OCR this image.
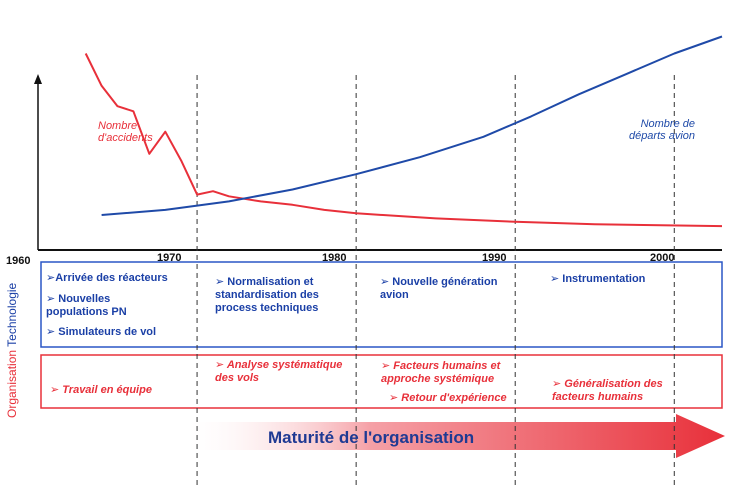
1960	1970	1980	1990	2000
Nombre d'accidents
Nombre de départs avion
Organisation Technologie
➢Arrivée des réacteurs
➢ Nouvelles
populations PN
➢ Simulateurs de vol
➢ Normalisation et
standardisation des
process techniques
➢ Nouvelle génération
avion
➢ Instrumentation
➢ Travail en équipe
➢ Analyse systématique
des vols
➢ Facteurs humains et
approche systémique
➢ Retour d'expérience
➢ Généralisation des
facteurs humains
Maturité de l'organisation
